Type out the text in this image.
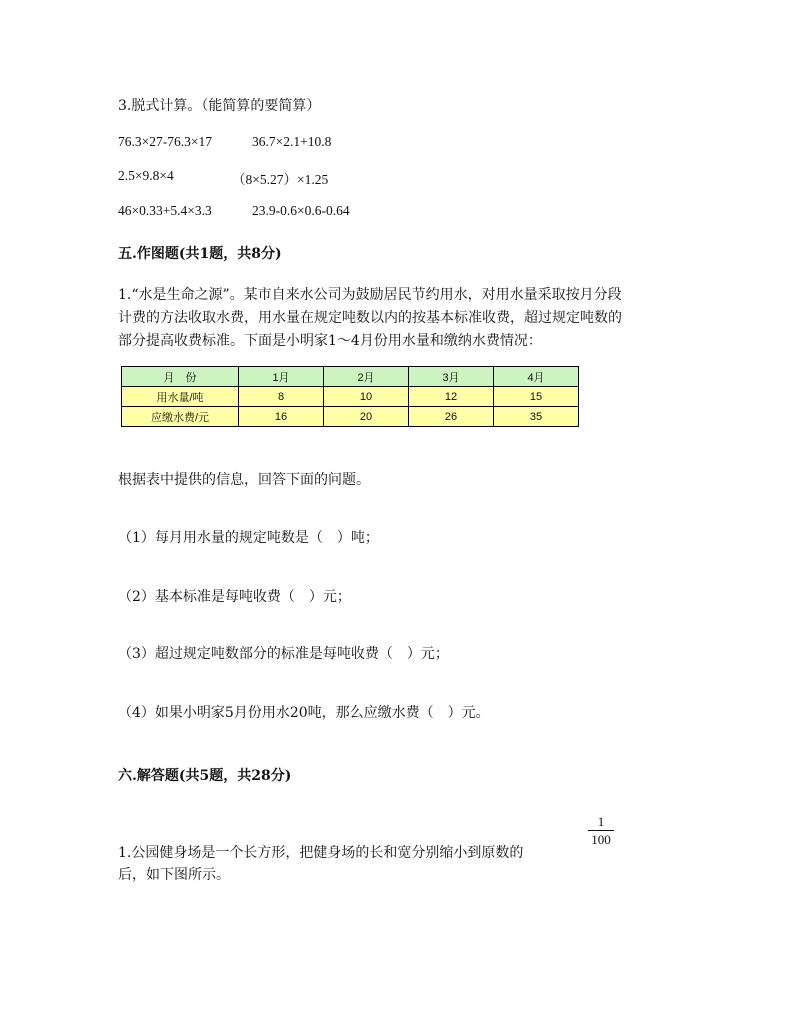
3.脱式计算。（能简算的要简算）
76.3×27-76.3×17	36.7×2.1+10.8
2.5×9.8×4	（8×5.27）×1.25
46×0.33+5.4×3.3	23.9-0.6×0.6-0.64
五.作图题(共1题，共8分)
1.“水是生命之源”。某市自来水公司为鼓励居民节约用水，对用水量采取按月分段
计费的方法收取水费，用水量在规定吨数以内的按基本标准收费，超过规定吨数的
部分提高收费标准。下面是小明家1～4月份用水量和缴纳水费情况：
月　份	1月	2月	3月	4月
用水量/吨	8	10	12	15
应缴水费/元	16	20	26	35
根据表中提供的信息，回答下面的问题。
（1）每月用水量的规定吨数是（　）吨；
（2）基本标准是每吨收费（　）元；
（3）超过规定吨数部分的标准是每吨收费（　）元；
（4）如果小明家5月份用水20吨，那么应缴水费（　）元。
六.解答题(共5题，共28分)
1
100
1.公园健身场是一个长方形，把健身场的长和宽分别缩小到原数的
后，如下图所示。
